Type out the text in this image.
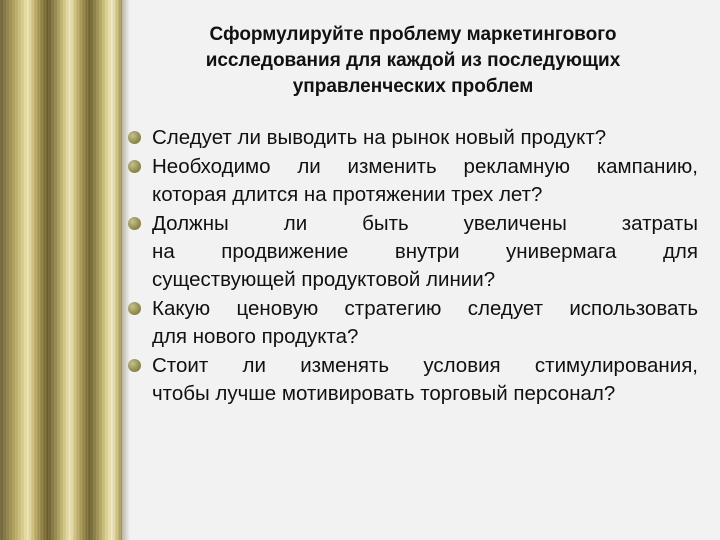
Сформулируйте проблему маркетингового
исследования для каждой из последующих
управленческих проблем
Следует ли выводить на рынок новый продукт?
Необходимо ли изменить рекламную кампанию,
которая длится на протяжении трех лет?
Должны ли быть увеличены затраты
на продвижение внутри универмага для
существующей продуктовой линии?
Какую ценовую стратегию следует использовать
для нового продукта?
Стоит ли изменять условия стимулирования,
чтобы лучше мотивировать торговый персонал?
